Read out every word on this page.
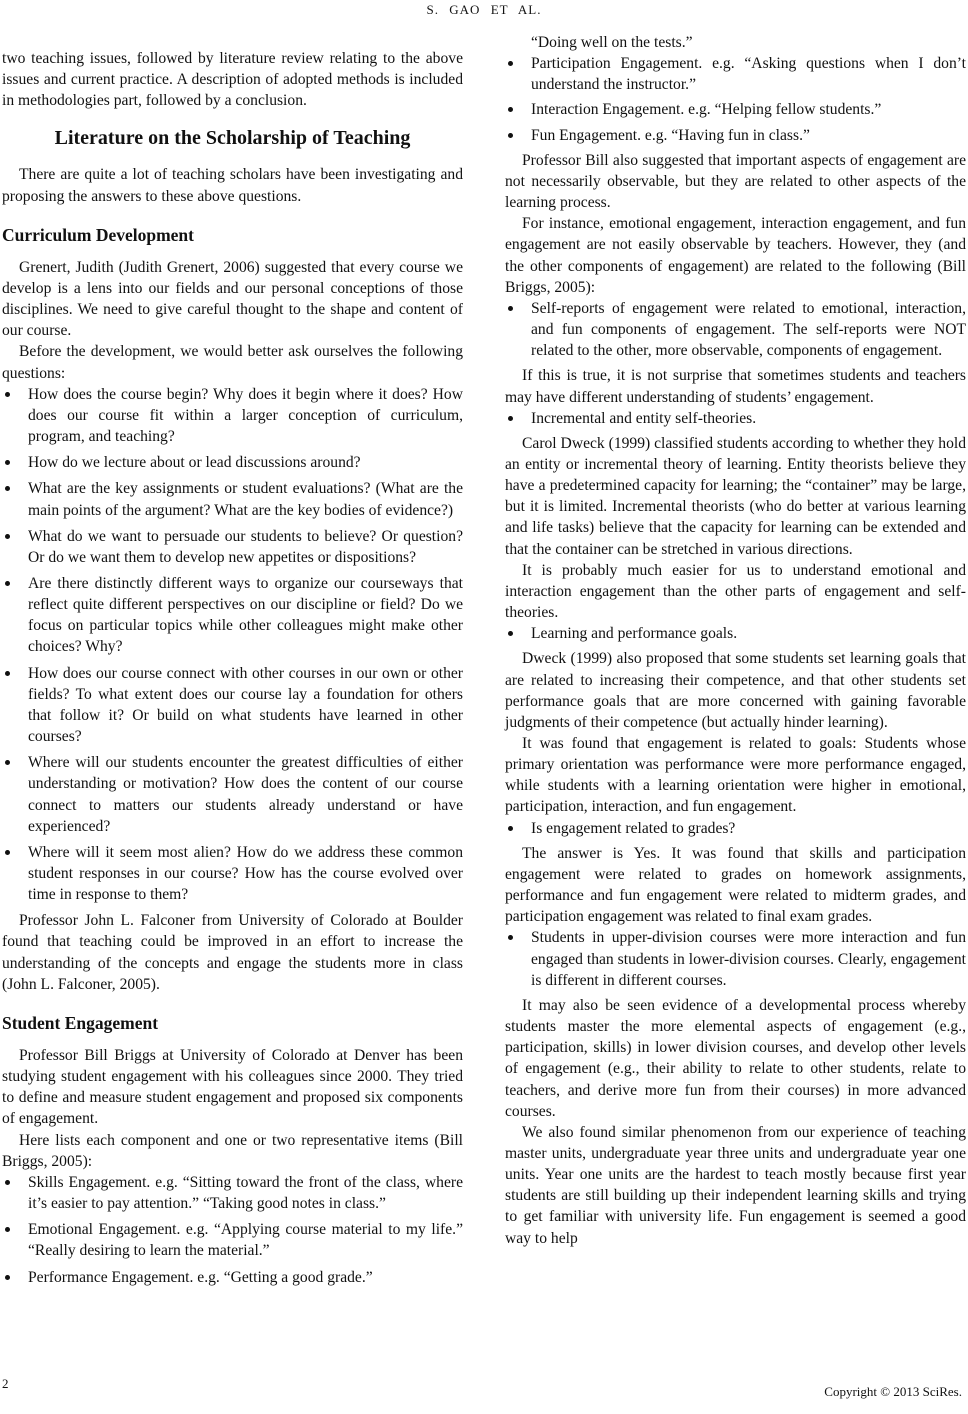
S. GAO ET AL.

two teaching issues, followed by literature review relating to the above issues and current practice. A description of adopted methods is included in methodologies part, followed by a conclusion.

Literature on the Scholarship of Teaching

There are quite a lot of teaching scholars have been investigating and proposing the answers to these above questions.

Curriculum Development

Grenert, Judith (Judith Grenert, 2006) suggested that every course we develop is a lens into our fields and our personal conceptions of those disciplines. We need to give careful thought to the shape and content of our course.

Before the development, we would better ask ourselves the following questions:

How does the course begin? Why does it begin where it does? How does our course fit within a larger conception of curriculum, program, and teaching?
How do we lecture about or lead discussions around?
What are the key assignments or student evaluations? (What are the main points of the argument? What are the key bodies of evidence?)
What do we want to persuade our students to believe? Or question? Or do we want them to develop new appetites or dispositions?
Are there distinctly different ways to organize our courseways that reflect quite different perspectives on our discipline or field? Do we focus on particular topics while other colleagues might make other choices? Why?
How does our course connect with other courses in our own or other fields? To what extent does our course lay a foundation for others that follow it? Or build on what students have learned in other courses?
Where will our students encounter the greatest difficulties of either understanding or motivation? How does the content of our course connect to matters our students already understand or have experienced?
Where will it seem most alien? How do we address these common student responses in our course? How has the course evolved over time in response to them?

Professor John L. Falconer from University of Colorado at Boulder found that teaching could be improved in an effort to increase the understanding of the concepts and engage the students more in class (John L. Falconer, 2005).

Student Engagement

Professor Bill Briggs at University of Colorado at Denver has been studying student engagement with his colleagues since 2000. They tried to define and measure student engagement and proposed six components of engagement.

Here lists each component and one or two representative items (Bill Briggs, 2005):

Skills Engagement. e.g. “Sitting toward the front of the class, where it’s easier to pay attention.” “Taking good notes in class.”
Emotional Engagement. e.g. “Applying course material to my life.” “Really desiring to learn the material.”
Performance Engagement. e.g. “Getting a good grade.”

“Doing well on the tests.”

Participation Engagement. e.g. “Asking questions when I don’t understand the instructor.”
Interaction Engagement. e.g. “Helping fellow students.”
Fun Engagement. e.g. “Having fun in class.”

Professor Bill also suggested that important aspects of engagement are not necessarily observable, but they are related to other aspects of the learning process.

For instance, emotional engagement, interaction engagement, and fun engagement are not easily observable by teachers. However, they (and the other components of engagement) are related to the following (Bill Briggs, 2005):

Self-reports of engagement were related to emotional, interaction, and fun components of engagement. The self-reports were NOT related to the other, more observable, components of engagement.

If this is true, it is not surprise that sometimes students and teachers may have different understanding of students’ engagement.

Incremental and entity self-theories.

Carol Dweck (1999) classified students according to whether they hold an entity or incremental theory of learning. Entity theorists believe they have a predetermined capacity for learning; the “container” may be large, but it is limited. Incremental theorists (who do better at various learning and life tasks) believe that the capacity for learning can be extended and that the container can be stretched in various directions.

It is probably much easier for us to understand emotional and interaction engagement than the other parts of engagement and self-theories.

Learning and performance goals.

Dweck (1999) also proposed that some students set learning goals that are related to increasing their competence, and that other students set performance goals that are more concerned with gaining favorable judgments of their competence (but actually hinder learning).

It was found that engagement is related to goals: Students whose primary orientation was performance were more performance engaged, while students with a learning orientation were higher in emotional, participation, interaction, and fun engagement.

Is engagement related to grades?

The answer is Yes. It was found that skills and participation engagement were related to grades on homework assignments, performance and fun engagement were related to midterm grades, and participation engagement was related to final exam grades.

Students in upper-division courses were more interaction and fun engaged than students in lower-division courses. Clearly, engagement is different in different courses.

It may also be seen evidence of a developmental process whereby students master the more elemental aspects of engagement (e.g., participation, skills) in lower division courses, and develop other levels of engagement (e.g., their ability to relate to other students, relate to teachers, and derive more fun from their courses) in more advanced courses.

We also found similar phenomenon from our experience of teaching master units, undergraduate year three units and undergraduate year one units. Year one units are the hardest to teach mostly because first year students are still building up their independent learning skills and trying to get familiar with university life. Fun engagement is seemed a good way to help

2
Copyright © 2013 SciRes.
